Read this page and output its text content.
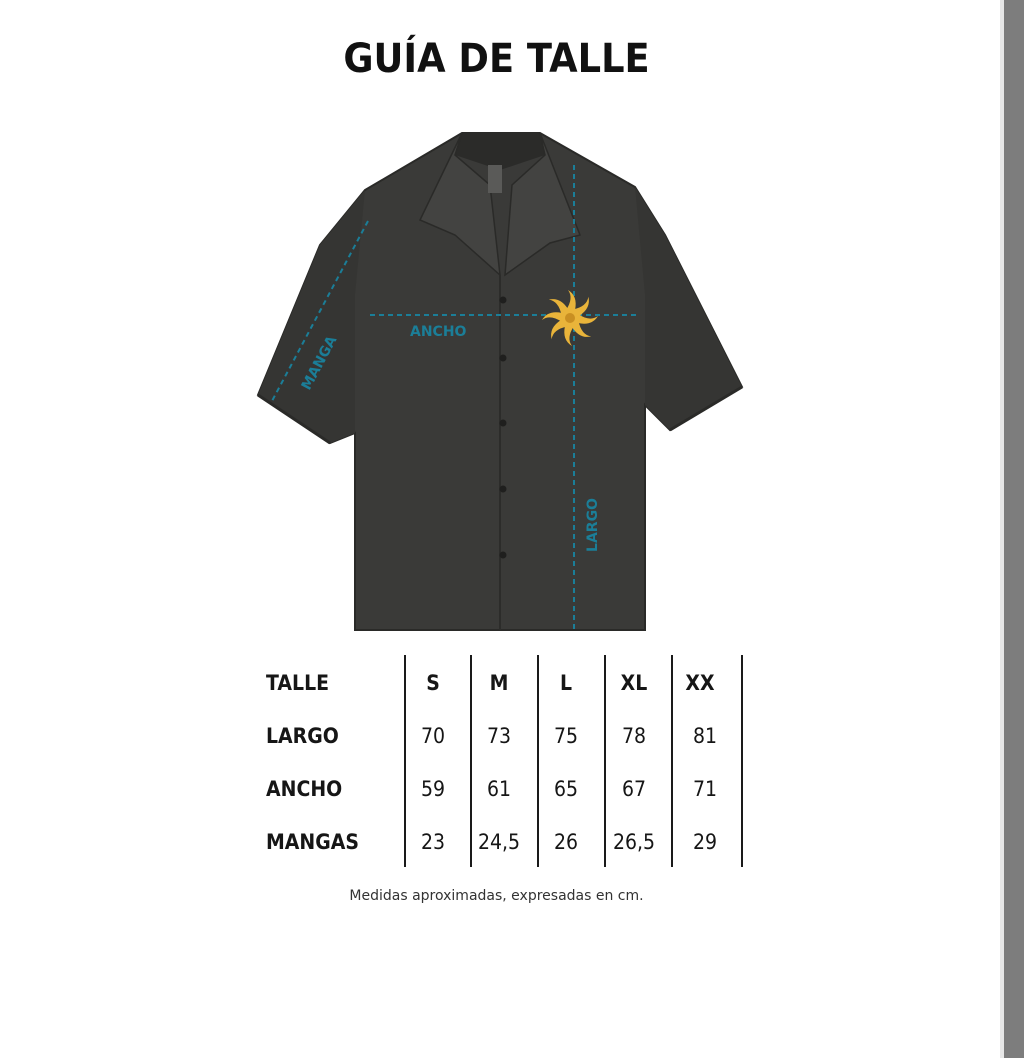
GUÍA DE TALLE
MANGA
ANCHO
LARGO
TALLE	S	M	L	XL	XX
LARGO	70	73	75	78	81
ANCHO	59	61	65	67	71
MANGAS	23	24,5	26	26,5	29
Medidas aproximadas, expresadas en cm.
